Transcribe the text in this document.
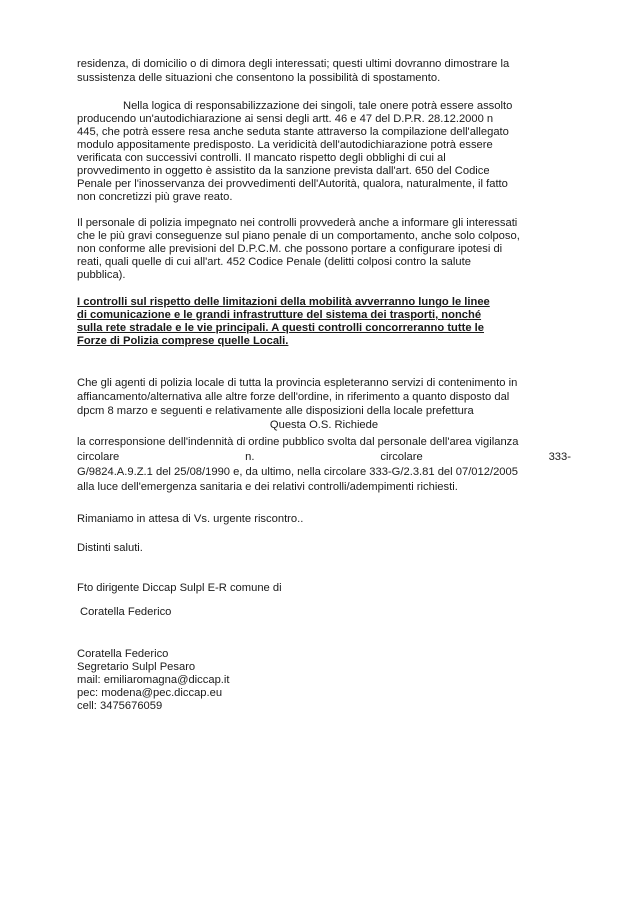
residenza, di domicilio o di dimora degli interessati; questi ultimi dovranno dimostrare la
sussistenza delle situazioni che consentono la possibilità di spostamento.
Nella logica di responsabilizzazione dei singoli, tale onere potrà essere assolto
producendo un'autodichiarazione ai sensi degli artt. 46 e 47 del D.P.R. 28.12.2000 n
445, che potrà essere resa anche seduta stante attraverso la compilazione dell'allegato
modulo appositamente predisposto. La veridicità dell'autodichiarazione potrà essere
verificata con successivi controlli. Il mancato rispetto degli obblighi di cui al
provvedimento in oggetto è assistito da la sanzione prevista dall'art. 650 del Codice
Penale per l'inosservanza dei provvedimenti dell'Autorità, qualora, naturalmente, il fatto
non concretizzi più grave reato.
Il personale di polizia impegnato nei controlli provvederà anche a informare gli interessati
che le più gravi conseguenze sul piano penale di un comportamento, anche solo colposo,
non conforme alle previsioni del D.P.C.M. che possono portare a configurare ipotesi di
reati, quali quelle di cui all'art. 452 Codice Penale (delitti colposi contro la salute
pubblica).
I controlli sul rispetto delle limitazioni della mobilità avverranno lungo le linee
di comunicazione e le grandi infrastrutture del sistema dei trasporti, nonché
sulla rete stradale e le vie principali. A questi controlli concorreranno tutte le
Forze di Polizia comprese quelle Locali.
Che gli agenti di polizia locale di tutta la provincia espleteranno servizi di contenimento in
affiancamento/alternativa alle altre forze dell'ordine, in riferimento a quanto disposto dal
dpcm 8 marzo e seguenti e relativamente alle disposizioni della locale prefettura
Questa O.S. Richiede
la corresponsione dell'indennità di ordine pubblico svolta dal personale dell'area vigilanza
circolare	n.	circolare	333-
G/9824.A.9.Z.1 del 25/08/1990 e, da ultimo, nella circolare 333-G/2.3.81 del 07/012/2005
alla luce dell'emergenza sanitaria e dei relativi controlli/adempimenti richiesti.
Rimaniamo in attesa di Vs. urgente riscontro..
Distinti saluti.
Fto dirigente Diccap Sulpl E-R comune di
Coratella Federico
Coratella Federico
Segretario Sulpl Pesaro
mail: emiliaromagna@diccap.it
pec: modena@pec.diccap.eu
cell: 3475676059
